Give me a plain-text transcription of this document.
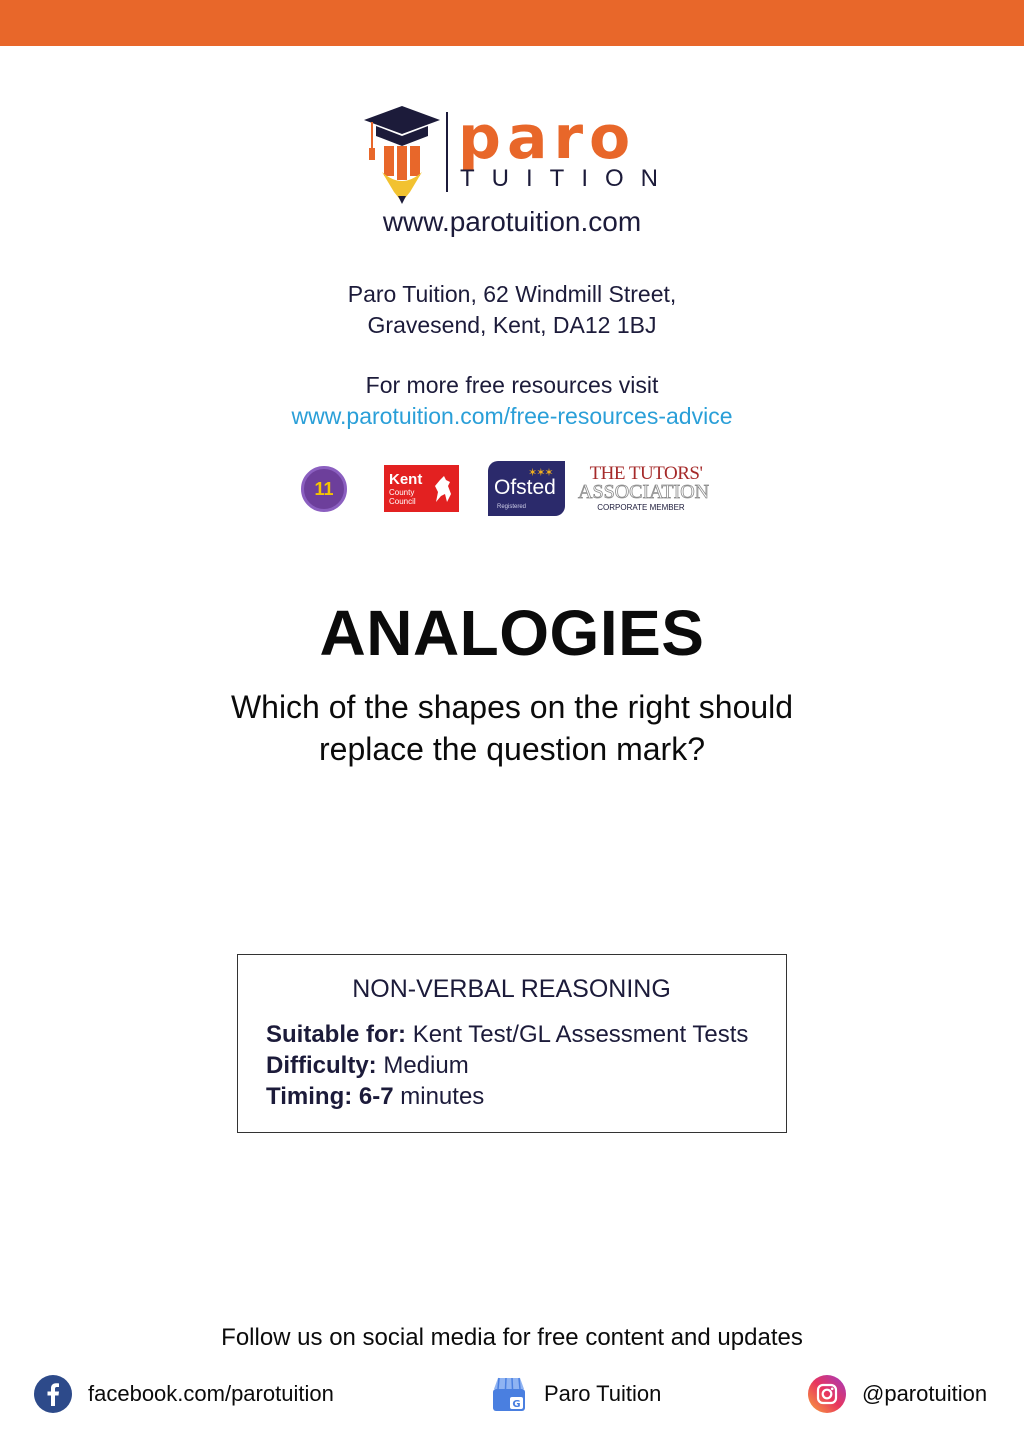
paro
TUITION
www.parotuition.com
Paro Tuition, 62 Windmill Street,
Gravesend, Kent, DA12 1BJ
For more free resources visit
www.parotuition.com/free-resources-advice
11	Kent
County Council
✶✶✶
Ofsted
Registered
THE TUTORS'
ASSOCIATION
CORPORATE MEMBER
ANALOGIES
Which of the shapes on the right should
replace the question mark?
NON-VERBAL REASONING
Suitable for: Kent Test/GL Assessment Tests
Difficulty: Medium
Timing: 6-7 minutes
Follow us on social media for free content and updates
facebook.com/parotuition	G Paro Tuition	@parotuition
